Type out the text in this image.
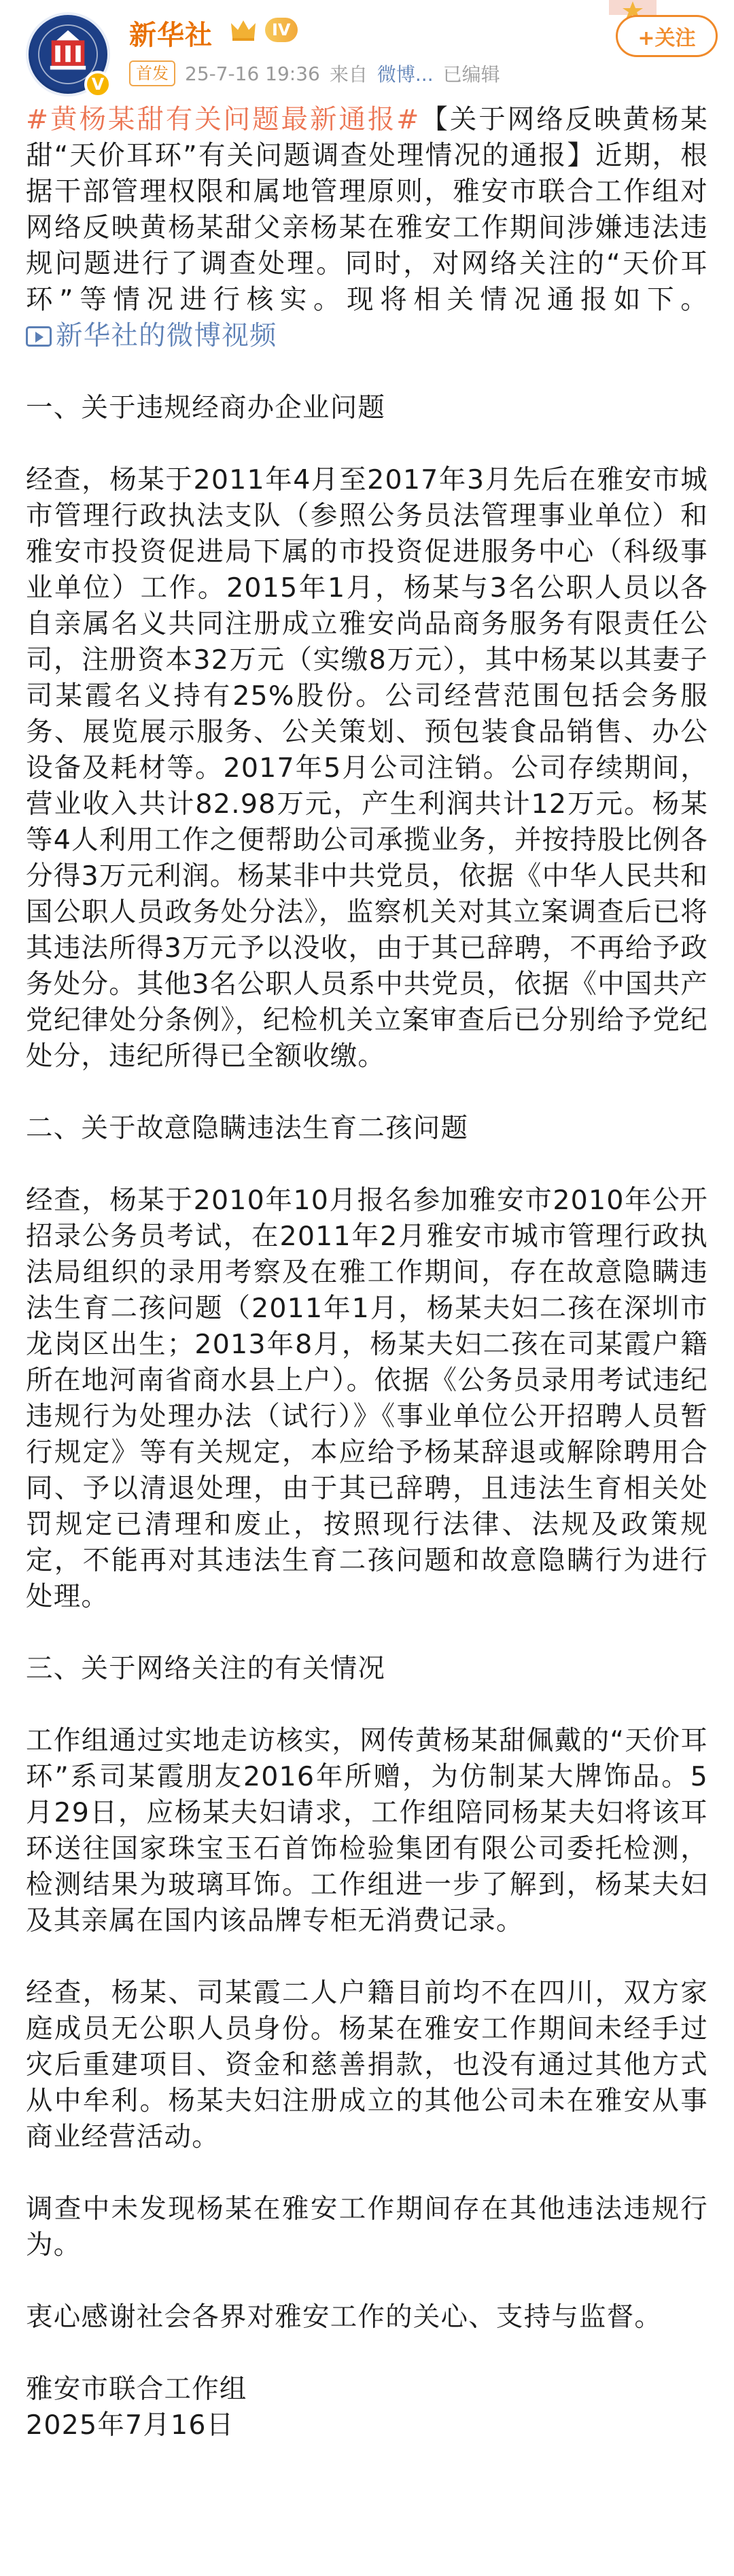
V
新华社	IV
首发 25-7-16 19:36 来自 微博... 已编辑
+关注

#黄杨某甜有关问题最新通报#【关于网络反映黄杨某甜“天价耳环”有关问题调查处理情况的通报】近期，根据干部管理权限和属地管理原则，雅安市联合工作组对网络反映黄杨某甜父亲杨某在雅安工作期间涉嫌违法违规问题进行了调查处理。同时，对网络关注的“天价耳环”等情况进行核实。现将相关情况通报如下。 新华社的微博视频

一、关于违规经商办企业问题

经查，杨某于2011年4月至2017年3月先后在雅安市城市管理行政执法支队（参照公务员法管理事业单位）和雅安市投资促进局下属的市投资促进服务中心（科级事业单位）工作。2015年1月，杨某与3名公职人员以各自亲属名义共同注册成立雅安尚品商务服务有限责任公司，注册资本32万元（实缴8万元），其中杨某以其妻子司某霞名义持有25%股份。公司经营范围包括会务服务、展览展示服务、公关策划、预包装食品销售、办公设备及耗材等。2017年5月公司注销。公司存续期间，营业收入共计82.98万元，产生利润共计12万元。杨某等4人利用工作之便帮助公司承揽业务，并按持股比例各分得3万元利润。杨某非中共党员，依据《中华人民共和国公职人员政务处分法》，监察机关对其立案调查后已将其违法所得3万元予以没收，由于其已辞聘，不再给予政务处分。其他3名公职人员系中共党员，依据《中国共产党纪律处分条例》，纪检机关立案审查后已分别给予党纪处分，违纪所得已全额收缴。

二、关于故意隐瞒违法生育二孩问题

经查，杨某于2010年10月报名参加雅安市2010年公开招录公务员考试，在2011年2月雅安市城市管理行政执法局组织的录用考察及在雅工作期间，存在故意隐瞒违法生育二孩问题（2011年1月，杨某夫妇二孩在深圳市龙岗区出生；2013年8月，杨某夫妇二孩在司某霞户籍所在地河南省商水县上户）。依据《公务员录用考试违纪违规行为处理办法（试行）》《事业单位公开招聘人员暂行规定》等有关规定，本应给予杨某辞退或解除聘用合同、予以清退处理，由于其已辞聘，且违法生育相关处罚规定已清理和废止，按照现行法律、法规及政策规定，不能再对其违法生育二孩问题和故意隐瞒行为进行处理。

三、关于网络关注的有关情况

工作组通过实地走访核实，网传黄杨某甜佩戴的“天价耳环”系司某霞朋友2016年所赠，为仿制某大牌饰品。5月29日，应杨某夫妇请求，工作组陪同杨某夫妇将该耳环送往国家珠宝玉石首饰检验集团有限公司委托检测，检测结果为玻璃耳饰。工作组进一步了解到，杨某夫妇及其亲属在国内该品牌专柜无消费记录。

经查，杨某、司某霞二人户籍目前均不在四川，双方家庭成员无公职人员身份。杨某在雅安工作期间未经手过灾后重建项目、资金和慈善捐款，也没有通过其他方式从中牟利。杨某夫妇注册成立的其他公司未在雅安从事商业经营活动。

调查中未发现杨某在雅安工作期间存在其他违法违规行为。

衷心感谢社会各界对雅安工作的关心、支持与监督。

雅安市联合工作组

2025年7月16日
